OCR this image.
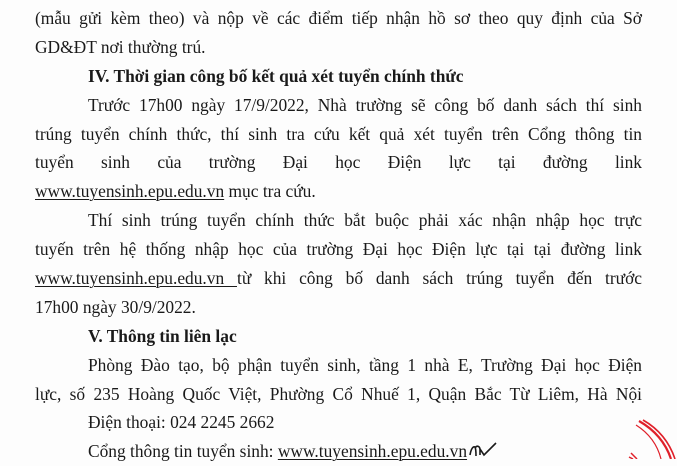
(mẫu gửi kèm theo) và nộp về các điểm tiếp nhận hồ sơ theo quy định của Sở
GD&ĐT nơi thường trú.
IV. Thời gian công bố kết quả xét tuyển chính thức
Trước 17h00 ngày 17/9/2022, Nhà trường sẽ công bố danh sách thí sinh
trúng tuyển chính thức, thí sinh tra cứu kết quả xét tuyển trên Cổng thông tin
tuyển sinh của trường Đại học Điện lực tại đường link
www.tuyensinh.epu.edu.vn mục tra cứu.
Thí sinh trúng tuyển chính thức bắt buộc phải xác nhận nhập học trực
tuyến trên hệ thống nhập học của trường Đại học Điện lực tại tại đường link
www.tuyensinh.epu.edu.vn từ khi công bố danh sách trúng tuyển đến trước
17h00 ngày 30/9/2022.
V. Thông tin liên lạc
Phòng Đào tạo, bộ phận tuyển sinh, tầng 1 nhà E, Trường Đại học Điện
lực, số 235 Hoàng Quốc Việt, Phường Cổ Nhuế 1, Quận Bắc Từ Liêm, Hà Nội
Điện thoại: 024 2245 2662
Cổng thông tin tuyển sinh: www.tuyensinh.epu.edu.vn
